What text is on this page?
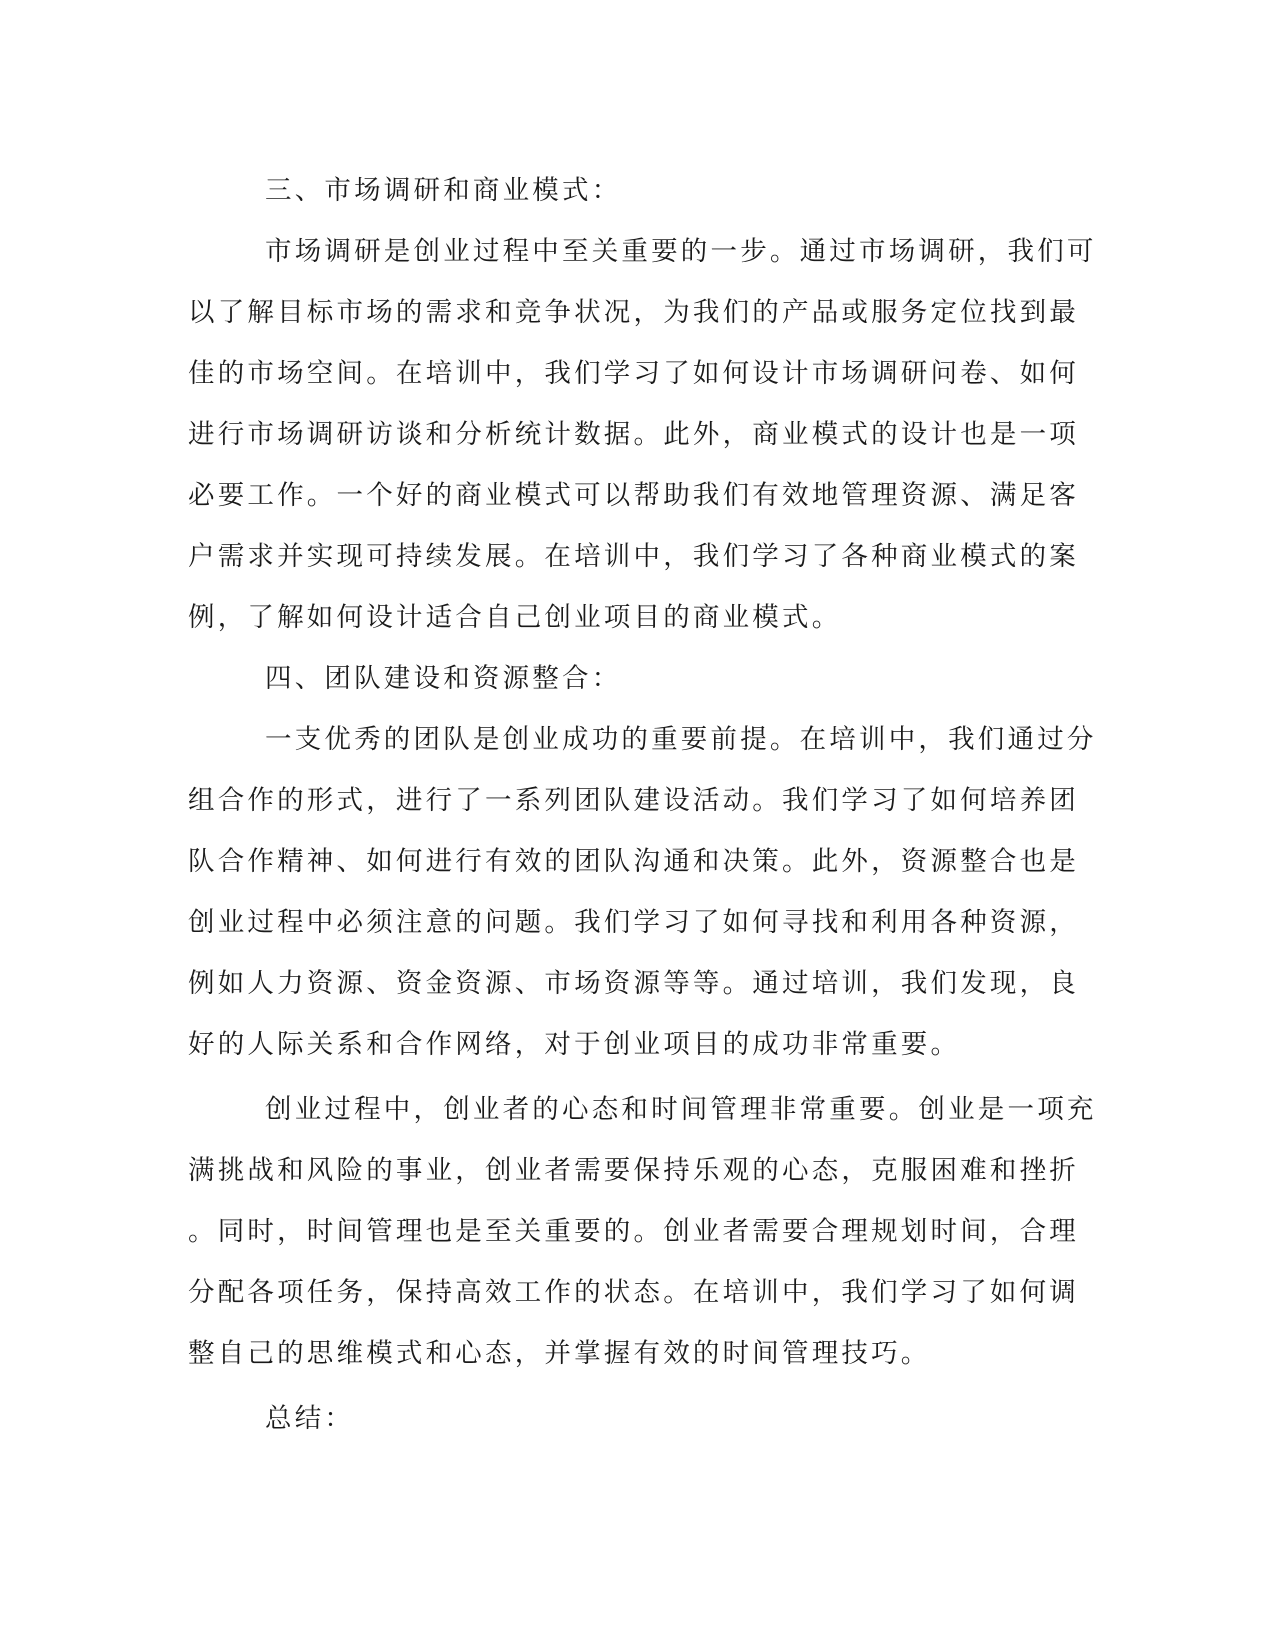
三、市场调研和商业模式：
市场调研是创业过程中至关重要的一步。通过市场调研，我们可
以了解目标市场的需求和竞争状况，为我们的产品或服务定位找到最
佳的市场空间。在培训中，我们学习了如何设计市场调研问卷、如何
进行市场调研访谈和分析统计数据。此外，商业模式的设计也是一项
必要工作。一个好的商业模式可以帮助我们有效地管理资源、满足客
户需求并实现可持续发展。在培训中，我们学习了各种商业模式的案
例，了解如何设计适合自己创业项目的商业模式。
四、团队建设和资源整合：
一支优秀的团队是创业成功的重要前提。在培训中，我们通过分
组合作的形式，进行了一系列团队建设活动。我们学习了如何培养团
队合作精神、如何进行有效的团队沟通和决策。此外，资源整合也是
创业过程中必须注意的问题。我们学习了如何寻找和利用各种资源，
例如人力资源、资金资源、市场资源等等。通过培训，我们发现，良
好的人际关系和合作网络，对于创业项目的成功非常重要。
创业过程中，创业者的心态和时间管理非常重要。创业是一项充
满挑战和风险的事业，创业者需要保持乐观的心态，克服困难和挫折
。同时，时间管理也是至关重要的。创业者需要合理规划时间，合理
分配各项任务，保持高效工作的状态。在培训中，我们学习了如何调
整自己的思维模式和心态，并掌握有效的时间管理技巧。
总结：
